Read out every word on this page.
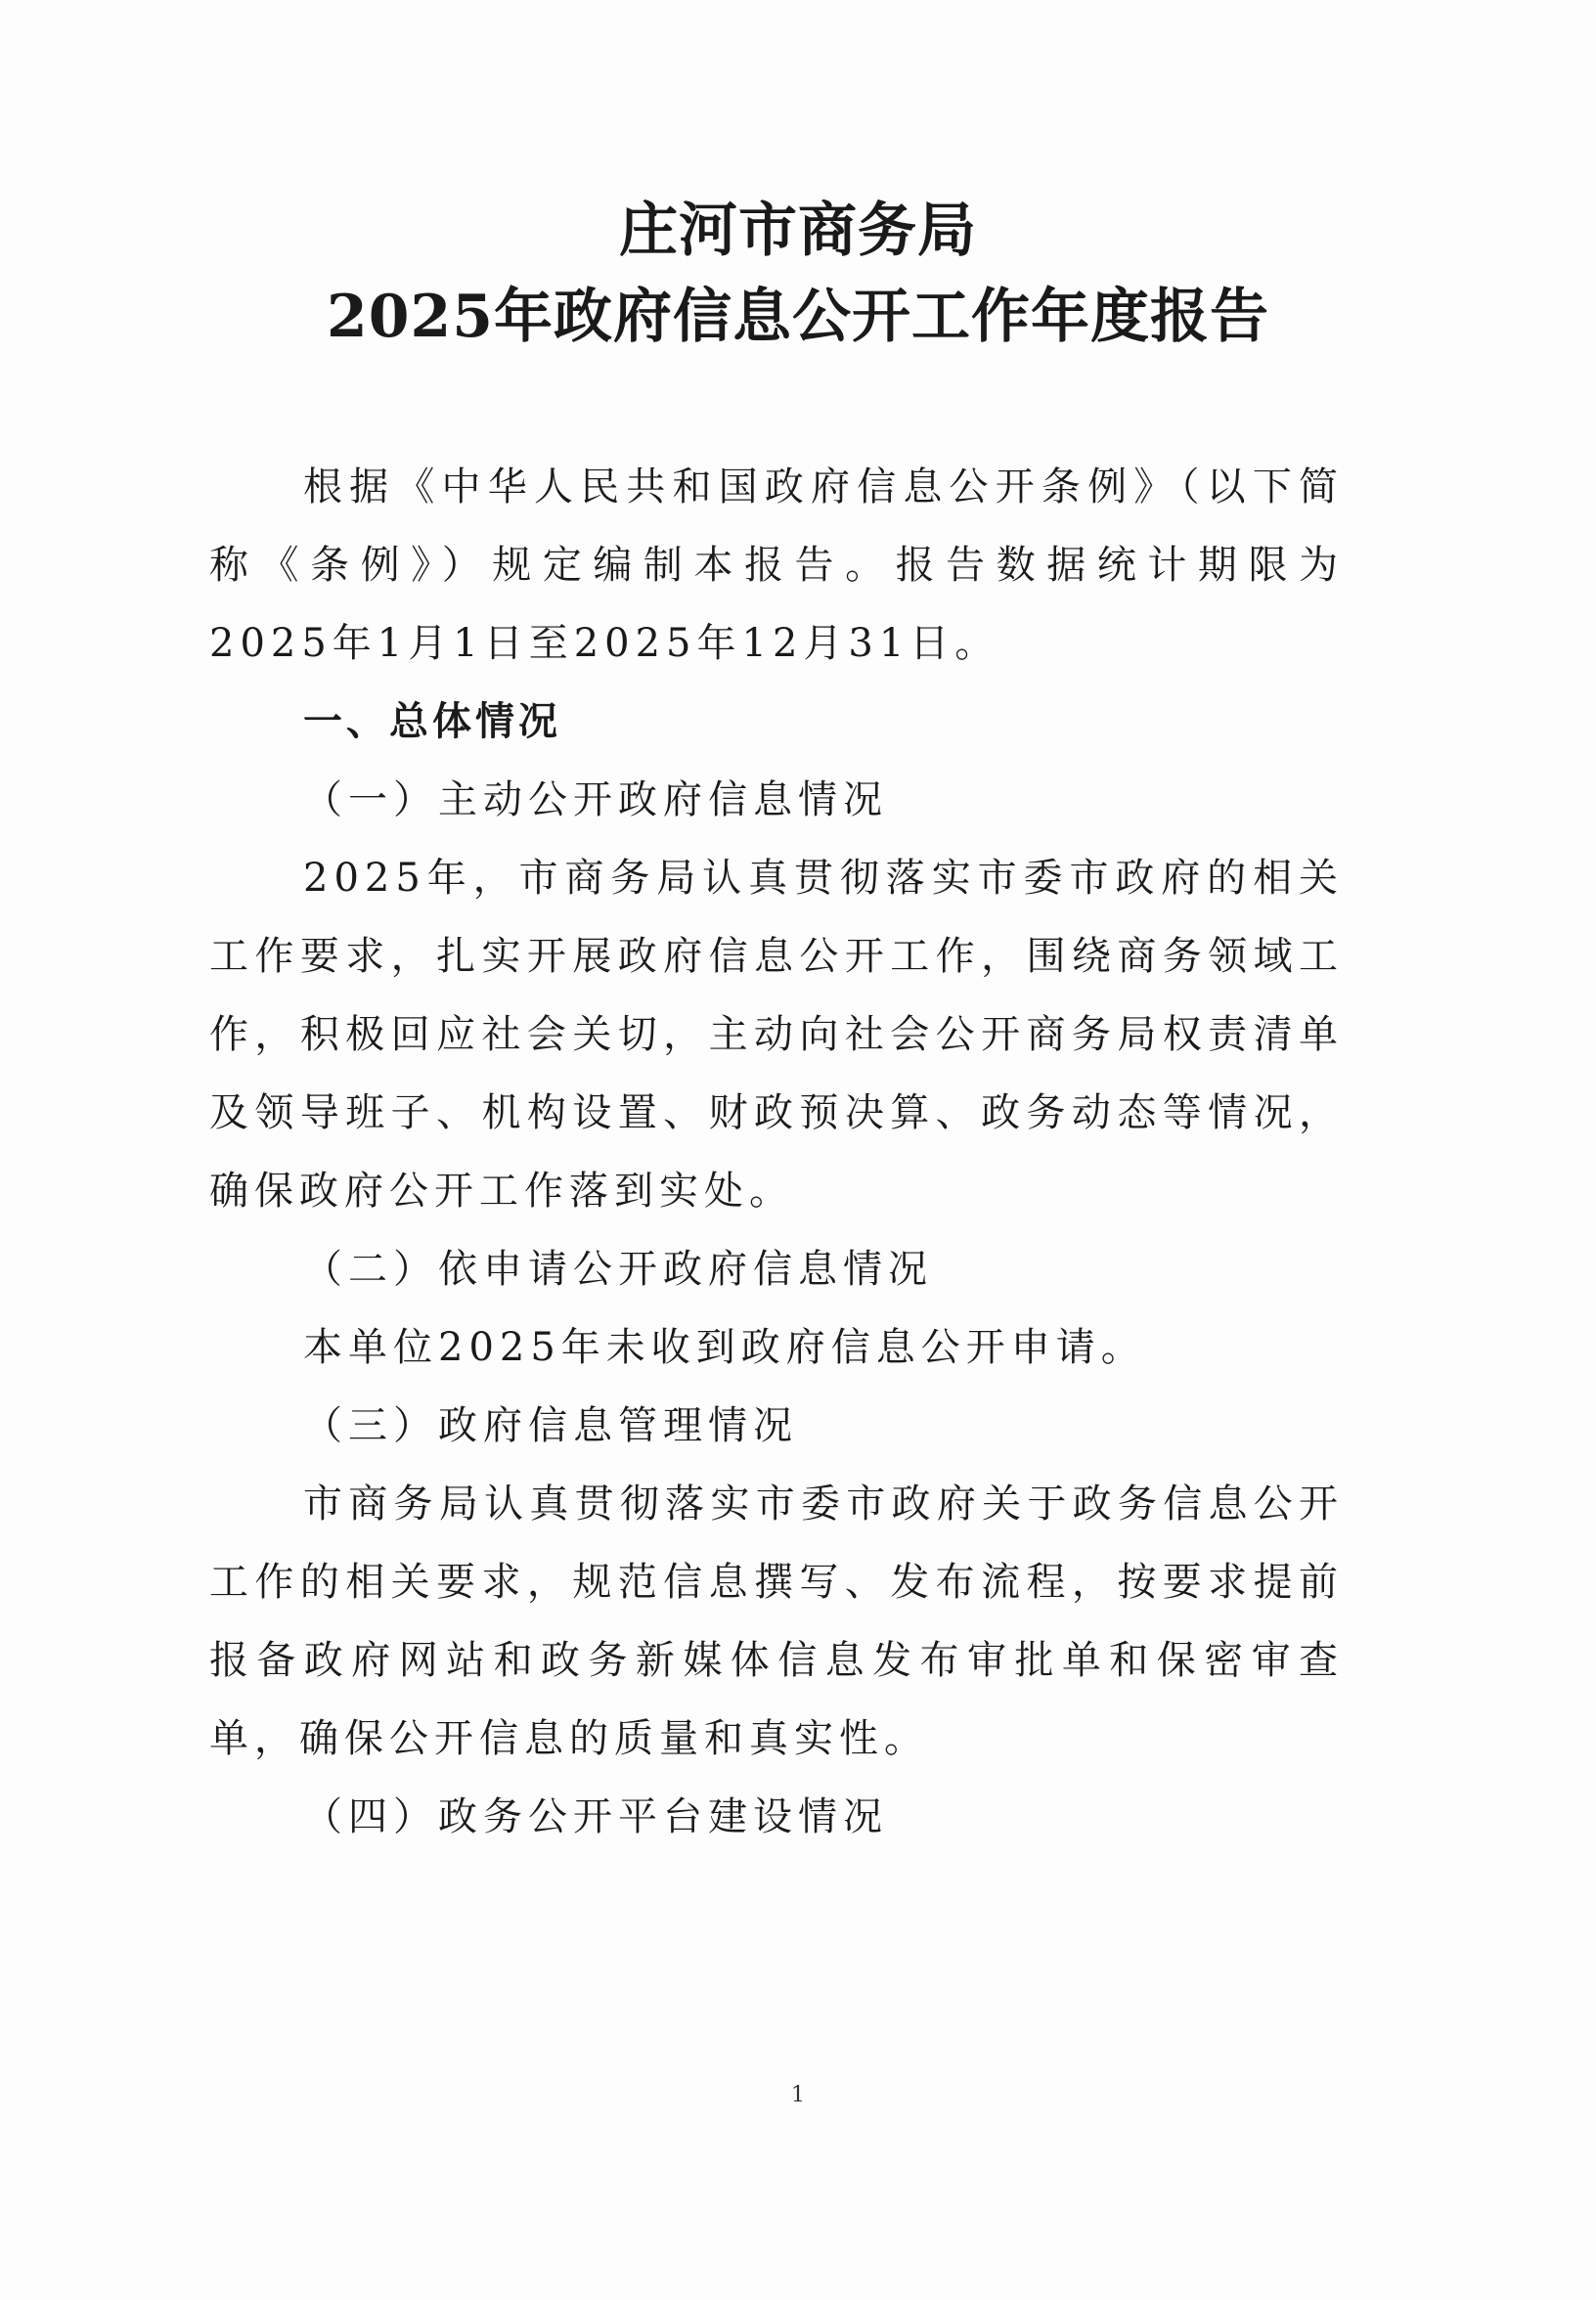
庄河市商务局
2025年政府信息公开工作年度报告

根据《中华人民共和国政府信息公开条例》（以下简称《条例》）规定编制本报告。报告数据统计期限为2025年1月1日至2025年12月31日。

一、总体情况

（一）主动公开政府信息情况

2025年，市商务局认真贯彻落实市委市政府的相关工作要求，扎实开展政府信息公开工作，围绕商务领域工作，积极回应社会关切，主动向社会公开商务局权责清单及领导班子、机构设置、财政预决算、政务动态等情况，确保政府公开工作落到实处。

（二）依申请公开政府信息情况

本单位2025年未收到政府信息公开申请。

（三）政府信息管理情况

市商务局认真贯彻落实市委市政府关于政务信息公开工作的相关要求，规范信息撰写、发布流程，按要求提前报备政府网站和政务新媒体信息发布审批单和保密审查单，确保公开信息的质量和真实性。

（四）政务公开平台建设情况

1
